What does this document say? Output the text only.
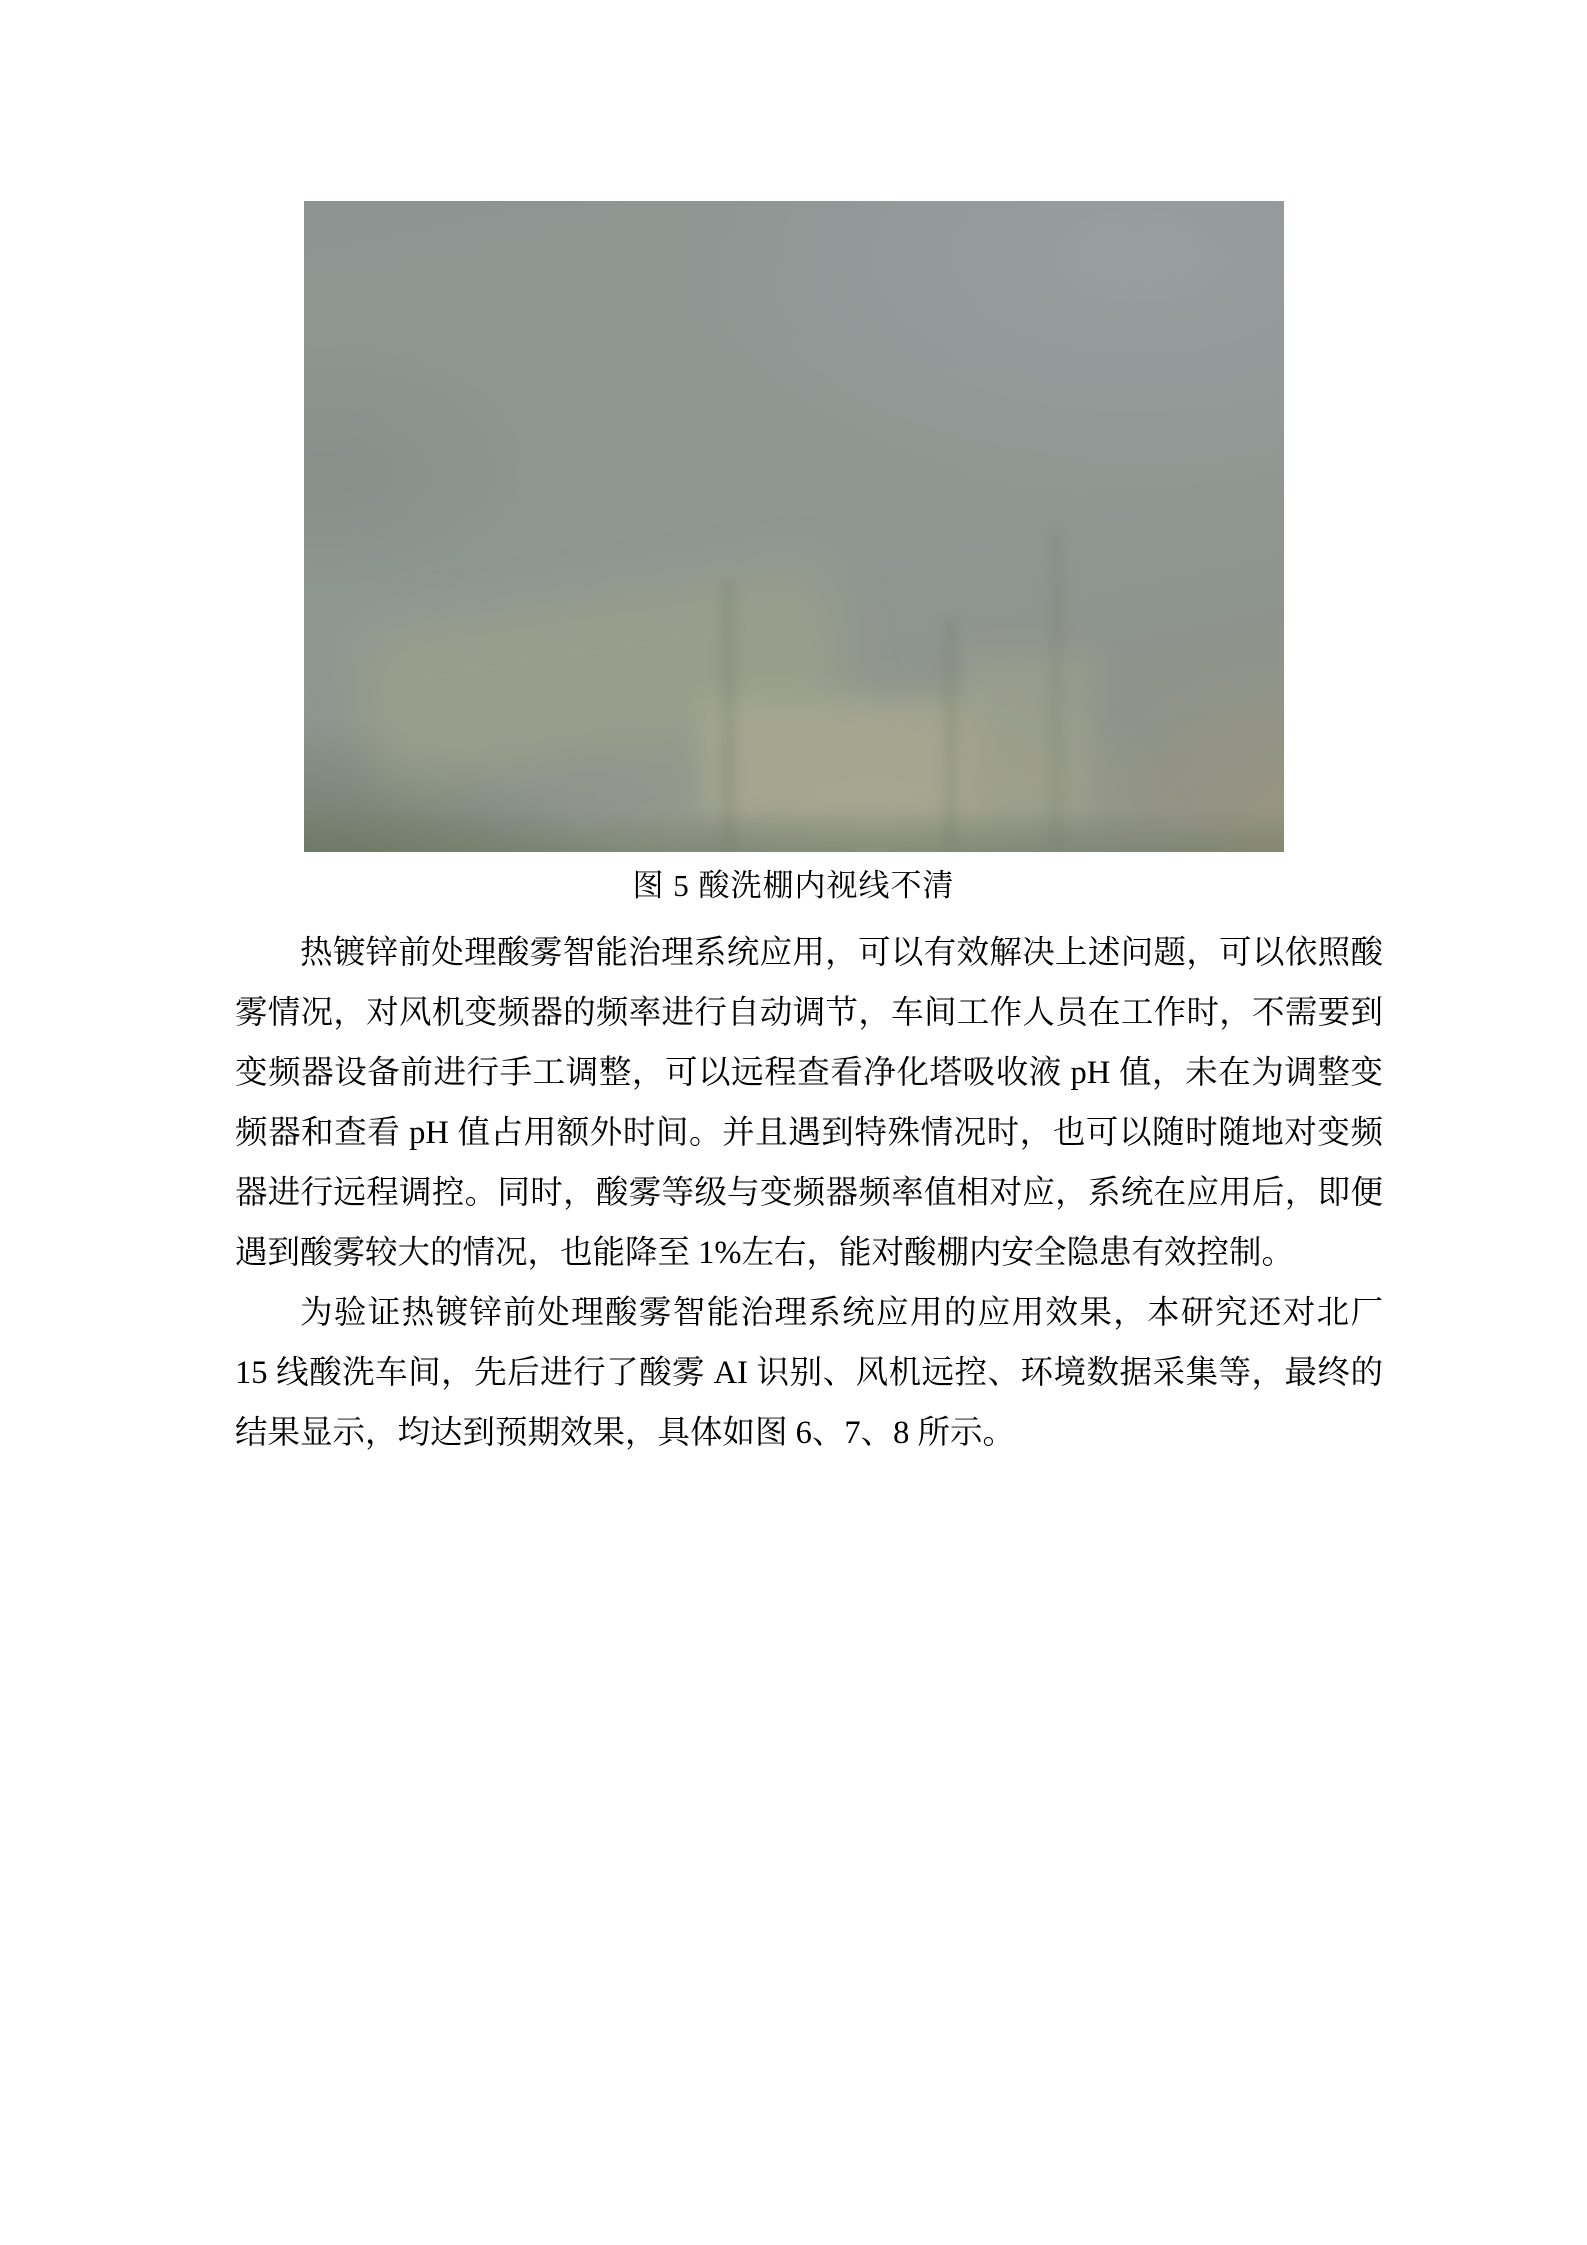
图 5 酸洗棚内视线不清
热镀锌前处理酸雾智能治理系统应用，可以有效解决上述问题，可以依照酸
雾情况，对风机变频器的频率进行自动调节，车间工作人员在工作时，不需要到
变频器设备前进行手工调整，可以远程查看净化塔吸收液 pH 值，未在为调整变
频器和查看 pH 值占用额外时间。并且遇到特殊情况时，也可以随时随地对变频
器进行远程调控。同时，酸雾等级与变频器频率值相对应，系统在应用后，即便
遇到酸雾较大的情况，也能降至 1%左右，能对酸棚内安全隐患有效控制。
为验证热镀锌前处理酸雾智能治理系统应用的应用效果，本研究还对北厂
15 线酸洗车间，先后进行了酸雾 AI 识别、风机远控、环境数据采集等，最终的
结果显示，均达到预期效果，具体如图 6、7、8 所示。
